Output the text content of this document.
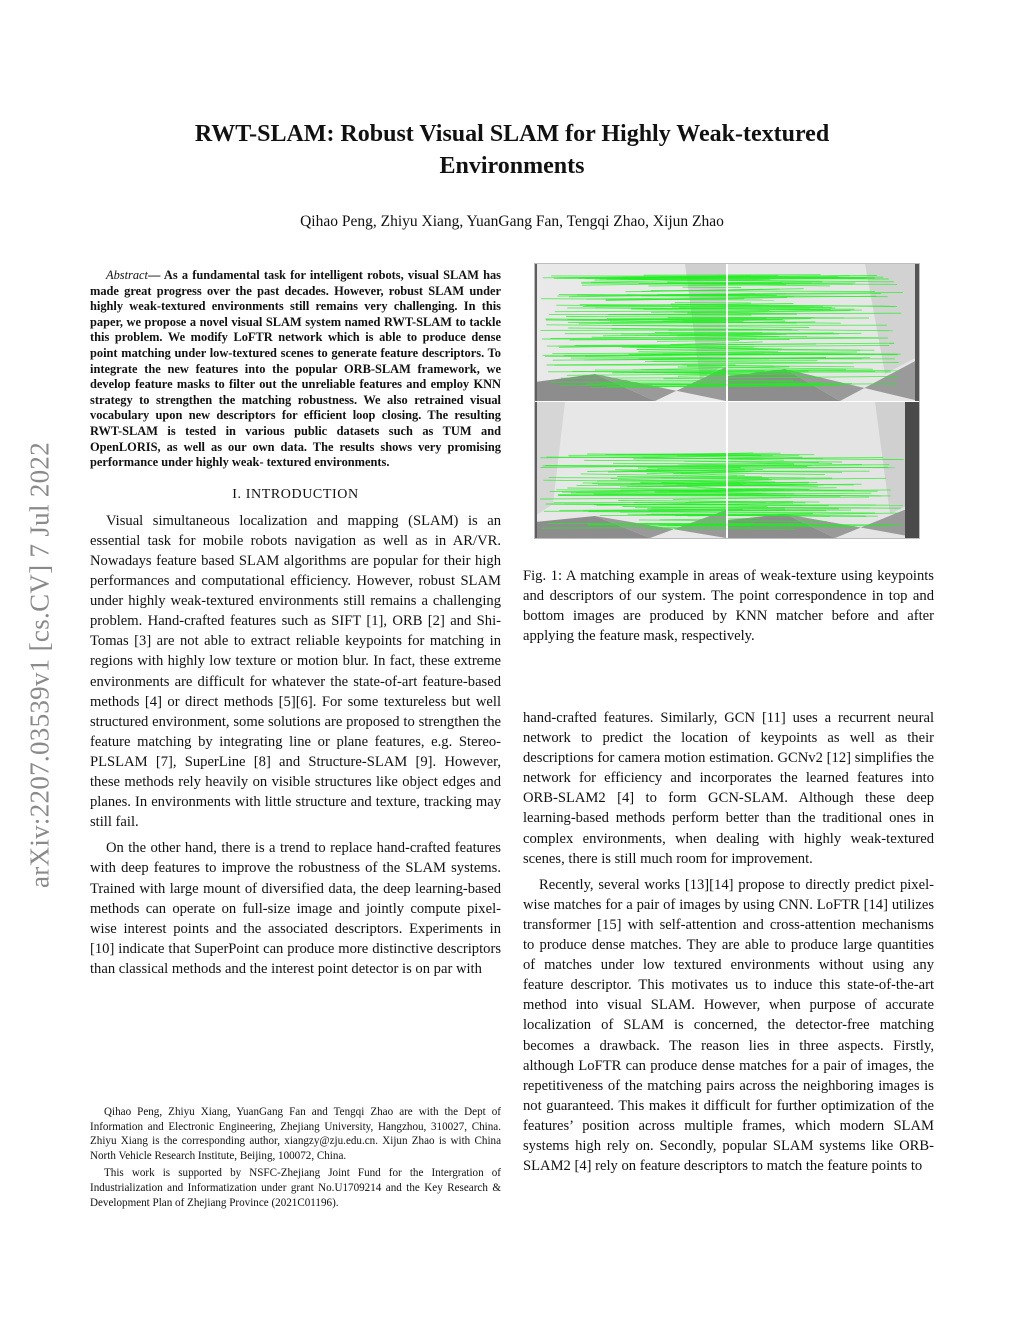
arXiv:2207.03539v1 [cs.CV] 7 Jul 2022
RWT-SLAM: Robust Visual SLAM for Highly Weak-textured Environments
Qihao Peng, Zhiyu Xiang, YuanGang Fan, Tengqi Zhao, Xijun Zhao

Abstract— As a fundamental task for intelligent robots, visual SLAM has made great progress over the past decades. However, robust SLAM under highly weak-textured environments still remains very challenging. In this paper, we propose a novel visual SLAM system named RWT-SLAM to tackle this problem. We modify LoFTR network which is able to produce dense point matching under low-textured scenes to generate feature descriptors. To integrate the new features into the popular ORB-SLAM framework, we develop feature masks to filter out the unreliable features and employ KNN strategy to strengthen the matching robustness. We also retrained visual vocabulary upon new descriptors for efficient loop closing. The resulting RWT-SLAM is tested in various public datasets such as TUM and OpenLORIS, as well as our own data. The results shows very promising performance under highly weak- textured environments.

I. INTRODUCTION

Visual simultaneous localization and mapping (SLAM) is an essential task for mobile robots navigation as well as in AR/VR. Nowadays feature based SLAM algorithms are popular for their high performances and computational efficiency. However, robust SLAM under highly weak-textured environments still remains a challenging problem. Hand-crafted features such as SIFT [1], ORB [2] and Shi-Tomas [3] are not able to extract reliable keypoints for matching in regions with highly low texture or motion blur. In fact, these extreme environments are difficult for whatever the state-of-art feature-based methods [4] or direct methods [5][6]. For some textureless but well structured environment, some solutions are proposed to strengthen the feature matching by integrating line or plane features, e.g. Stereo-PLSLAM [7], SuperLine [8] and Structure-SLAM [9]. However, these methods rely heavily on visible structures like object edges and planes. In environments with little structure and texture, tracking may still fail.

On the other hand, there is a trend to replace hand-crafted features with deep features to improve the robustness of the SLAM systems. Trained with large mount of diversified data, the deep learning-based methods can operate on full-size image and jointly compute pixel-wise interest points and the associated descriptors. Experiments in [10] indicate that SuperPoint can produce more distinctive descriptors than classical methods and the interest point detector is on par with

Qihao Peng, Zhiyu Xiang, YuanGang Fan and Tengqi Zhao are with the Dept of Information and Electronic Engineering, Zhejiang University, Hangzhou, 310027, China. Zhiyu Xiang is the corresponding author, xiangzy@zju.edu.cn. Xijun Zhao is with China North Vehicle Research Institute, Beijing, 100072, China.

This work is supported by NSFC-Zhejiang Joint Fund for the Intergration of Industrialization and Informatization under grant No.U1709214 and the Key Research & Development Plan of Zhejiang Province (2021C01196).

Fig. 1: A matching example in areas of weak-texture using keypoints and descriptors of our system. The point correspondence in top and bottom images are produced by KNN matcher before and after applying the feature mask, respectively.

hand-crafted features. Similarly, GCN [11] uses a recurrent neural network to predict the location of keypoints as well as their descriptions for camera motion estimation. GCNv2 [12] simplifies the network for efficiency and incorporates the learned features into ORB-SLAM2 [4] to form GCN-SLAM. Although these deep learning-based methods perform better than the traditional ones in complex environments, when dealing with highly weak-textured scenes, there is still much room for improvement.

Recently, several works [13][14] propose to directly predict pixel-wise matches for a pair of images by using CNN. LoFTR [14] utilizes transformer [15] with self-attention and cross-attention mechanisms to produce dense matches. They are able to produce large quantities of matches under low textured environments without using any feature descriptor. This motivates us to induce this state-of-the-art method into visual SLAM. However, when purpose of accurate localization of SLAM is concerned, the detector-free matching becomes a drawback. The reason lies in three aspects. Firstly, although LoFTR can produce dense matches for a pair of images, the repetitiveness of the matching pairs across the neighboring images is not guaranteed. This makes it difficult for further optimization of the features’ position across multiple frames, which modern SLAM systems high rely on. Secondly, popular SLAM systems like ORB-SLAM2 [4] rely on feature descriptors to match the feature points to
